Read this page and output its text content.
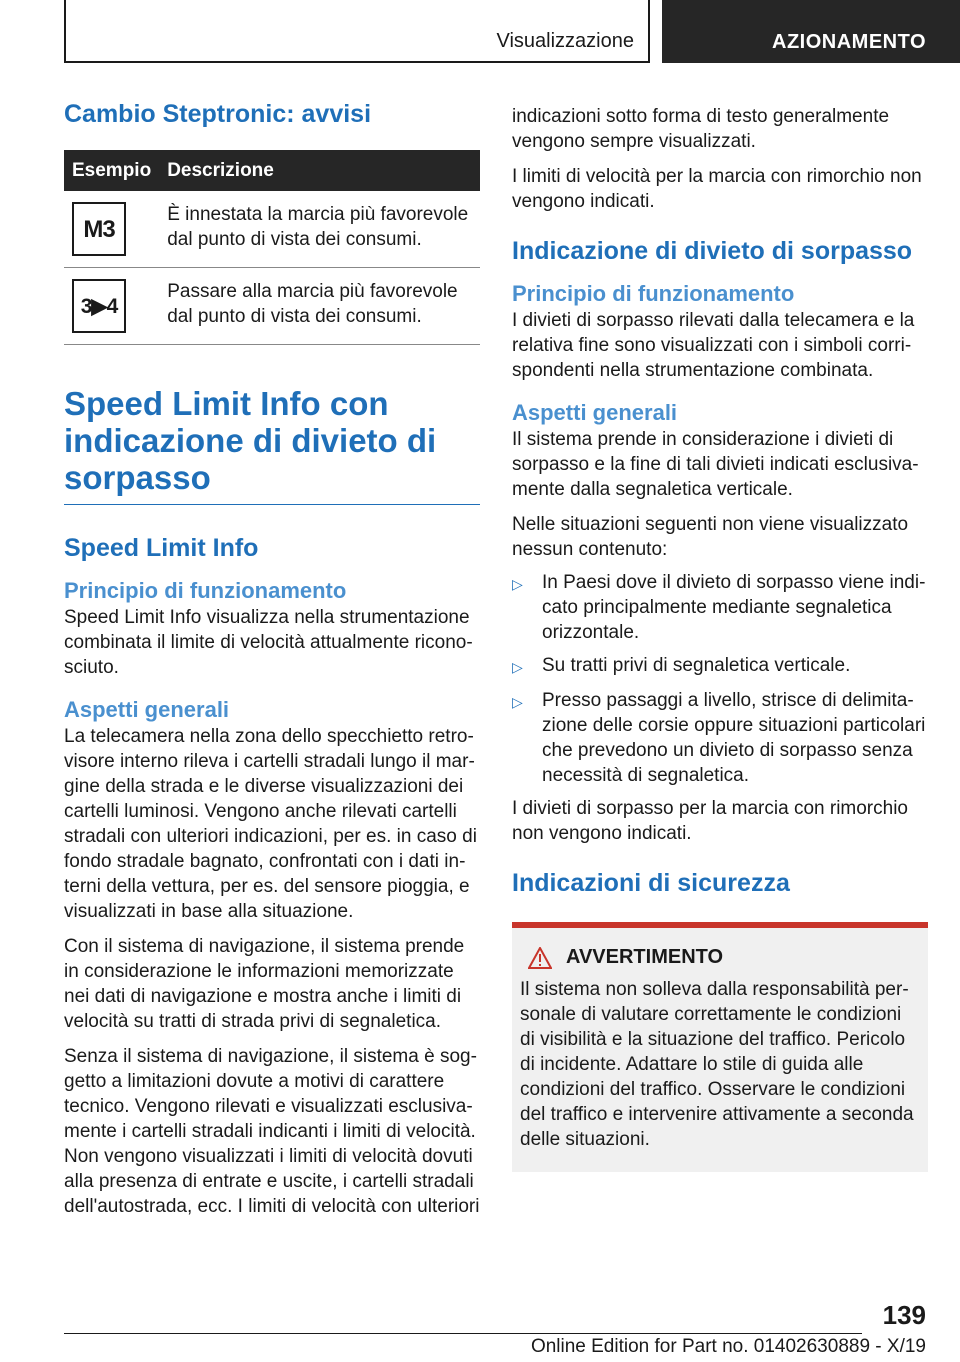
Visualizzazione	AZIONAMENTO
Cambio Steptronic: avvisi
Esempio	Descrizione

M3	È innestata la marcia più favorevole dal punto di vista dei consumi.

3▶4	Passare alla marcia più favorevole dal punto di vista dei consumi.
Speed Limit Info con indicazione di divieto di sorpasso
Speed Limit Info
Principio di funzionamento

Speed Limit Info visualizza nella strumentazione combinata il limite di velocità attualmente riconosciuto.

Aspetti generali

La telecamera nella zona dello specchietto retrovisore interno rileva i cartelli stradali lungo il margine della strada e le diverse visualizzazioni dei cartelli luminosi. Vengono anche rilevati cartelli stradali con ulteriori indicazioni, per es. in caso di fondo stradale bagnato, confrontati con i dati interni della vettura, per es. del sensore pioggia, e visualizzati in base alla situazione.

Con il sistema di navigazione, il sistema prende in considerazione le informazioni memorizzate nei dati di navigazione e mostra anche i limiti di velocità su tratti di strada privi di segnaletica.

Senza il sistema di navigazione, il sistema è soggetto a limitazioni dovute a motivi di carattere tecnico. Vengono rilevati e visualizzati esclusivamente i cartelli stradali indicanti i limiti di velocità. Non vengono visualizzati i limiti di velocità dovuti alla presenza di entrate e uscite, i cartelli stradali dell'autostrada, ecc. I limiti di velocità con ulteriori

indicazioni sotto forma di testo generalmente vengono sempre visualizzati.

I limiti di velocità per la marcia con rimorchio non vengono indicati.

Indicazione di divieto di sorpasso
Principio di funzionamento

I divieti di sorpasso rilevati dalla telecamera e la relativa fine sono visualizzati con i simboli corrispondenti nella strumentazione combinata.

Aspetti generali

Il sistema prende in considerazione i divieti di sorpasso e la fine di tali divieti indicati esclusivamente dalla segnaletica verticale.

Nelle situazioni seguenti non viene visualizzato nessun contenuto:

▷	In Paesi dove il divieto di sorpasso viene indicato principalmente mediante segnaletica orizzontale.
▷	Su tratti privi di segnaletica verticale.
▷	Presso passaggi a livello, strisce di delimitazione delle corsie oppure situazioni particolari che prevedono un divieto di sorpasso senza necessità di segnaletica.

I divieti di sorpasso per la marcia con rimorchio non vengono indicati.

Indicazioni di sicurezza
AVVERTIMENTO

Il sistema non solleva dalla responsabilità personale di valutare correttamente le condizioni di visibilità e la situazione del traffico. Pericolo di incidente. Adattare lo stile di guida alle condizioni del traffico. Osservare le condizioni del traffico e intervenire attivamente a seconda delle situazioni.

139
Online Edition for Part no. 01402630889 - X/19
